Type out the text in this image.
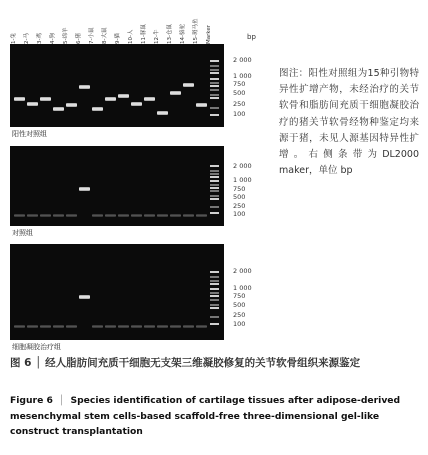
1-兔 2-马 3-鸡 4-狗 5-绵羊 6-猪 7-小鼠 8-大鼠 9-猫 10-人 11-豚鼠 12-牛 13-仓鼠 14-骆驼 15-斑马鱼 Marker	bp
2 000
1 000
750
500
250
100
阳性对照组
2 000
1 000
750
500
250
100
对照组
2 000
1 000
750
500
250
100
细胞凝胶治疗组
图注：阳性对照组为15种引物特异性扩增产物，未经治疗的关节软骨和脂肪间充质干细胞凝胶治疗的猪关节软骨经物种鉴定均来源于猪，未见人源基因特异性扩增。右侧条带为DL2000 maker，单位 bp
图 6 │ 经人脂肪间充质干细胞无支架三维凝胶修复的关节软骨组织来源鉴定
Figure 6 │ Species identification of cartilage tissues after adipose-derived mesenchymal stem cells-based scaffold-free three-dimensional gel-like construct transplantation
